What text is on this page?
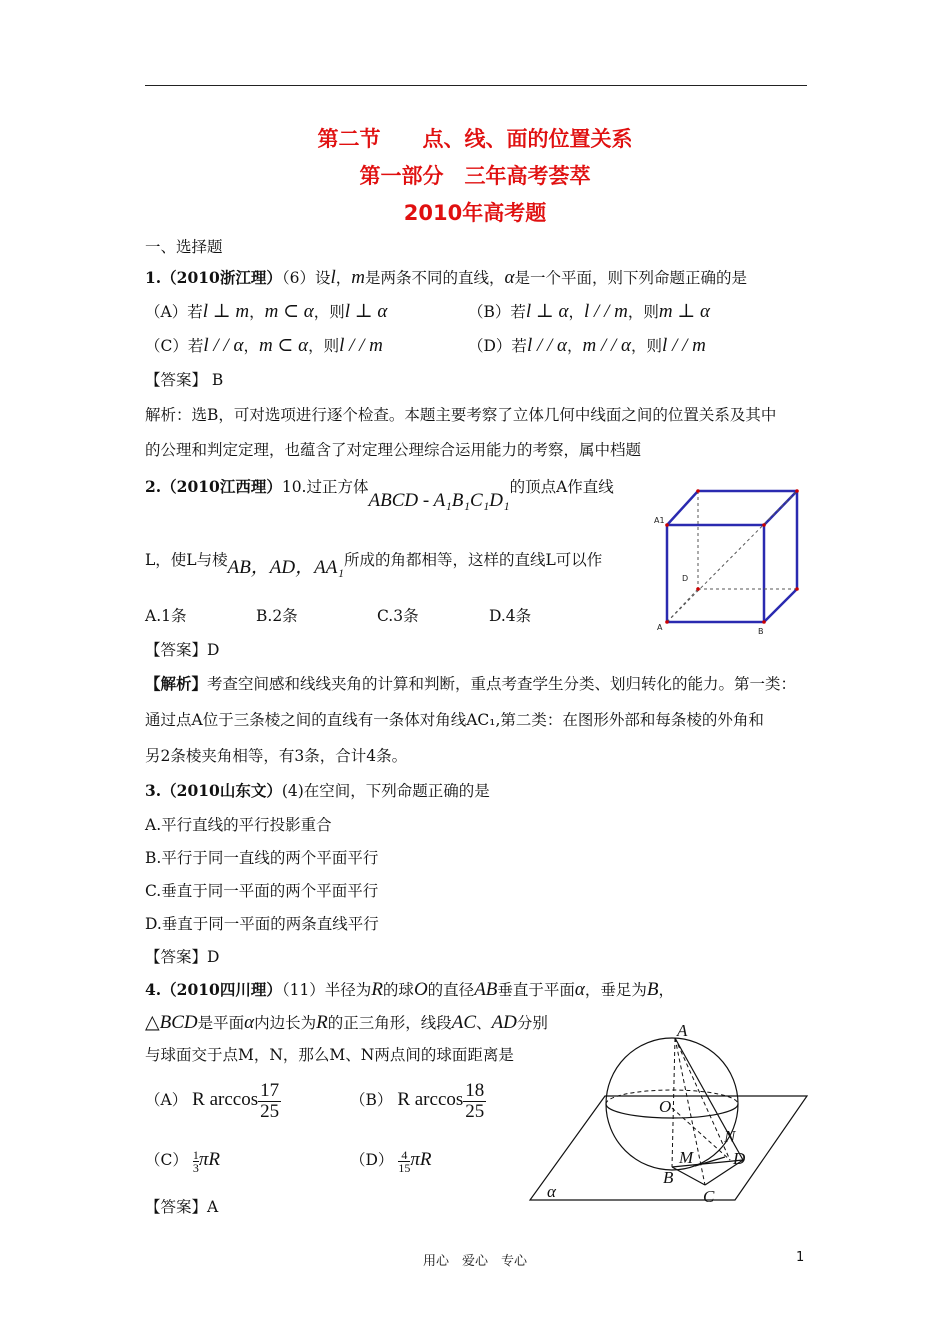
第二节　　点、线、面的位置关系
第一部分　三年高考荟萃
2010年高考题
一、选择题
1.（2010浙江理）（6）设l，m是两条不同的直线，α是一个平面，则下列命题正确的是
（A）若l ⊥ m，m ⊂ α，则l ⊥ α	（B）若l ⊥ α，l / / m，则m ⊥ α
（C）若l / / α，m ⊂ α，则l / / m	（D）若l / / α，m / / α，则l / / m
【答案】 B
解析：选B，可对选项进行逐个检查。本题主要考察了立体几何中线面之间的位置关系及其中
的公理和判定定理，也蕴含了对定理公理综合运用能力的考察，属中档题
2.（2010江西理）10.过正方体ABCD - A₁B₁C₁D₁的顶点A作直线
L，使L与棱AB，AD，AA₁所成的角都相等，这样的直线L可以作
A.1条	B.2条	C.3条	D.4条
【答案】D
【解析】考查空间感和线线夹角的计算和判断，重点考查学生分类、划归转化的能力。第一类：
通过点A位于三条棱之间的直线有一条体对角线AC₁,第二类：在图形外部和每条棱的外角和
另2条棱夹角相等，有3条，合计4条。
A1
D
A	B
3.（2010山东文）(4)在空间，下列命题正确的是
A.平行直线的平行投影重合
B.平行于同一直线的两个平面平行
C.垂直于同一平面的两个平面平行
D.垂直于同一平面的两条直线平行
【答案】D
4.（2010四川理）（11）半径为R的球O的直径AB垂直于平面α，垂足为B，
△BCD是平面α内边长为R的正三角形，线段AC、AD分别
与球面交于点M，N，那么M、N两点间的球面距离是
（A） R $\arccos \frac{17}{25}$	（B） R $\arccos \frac{18}{25}$
$(C) \frac{1}{3}$ πR	$(D) \frac{4}{15}$ πR
【答案】A
A
O
N
M D
B
C
α
用心　爱心　专心	1
